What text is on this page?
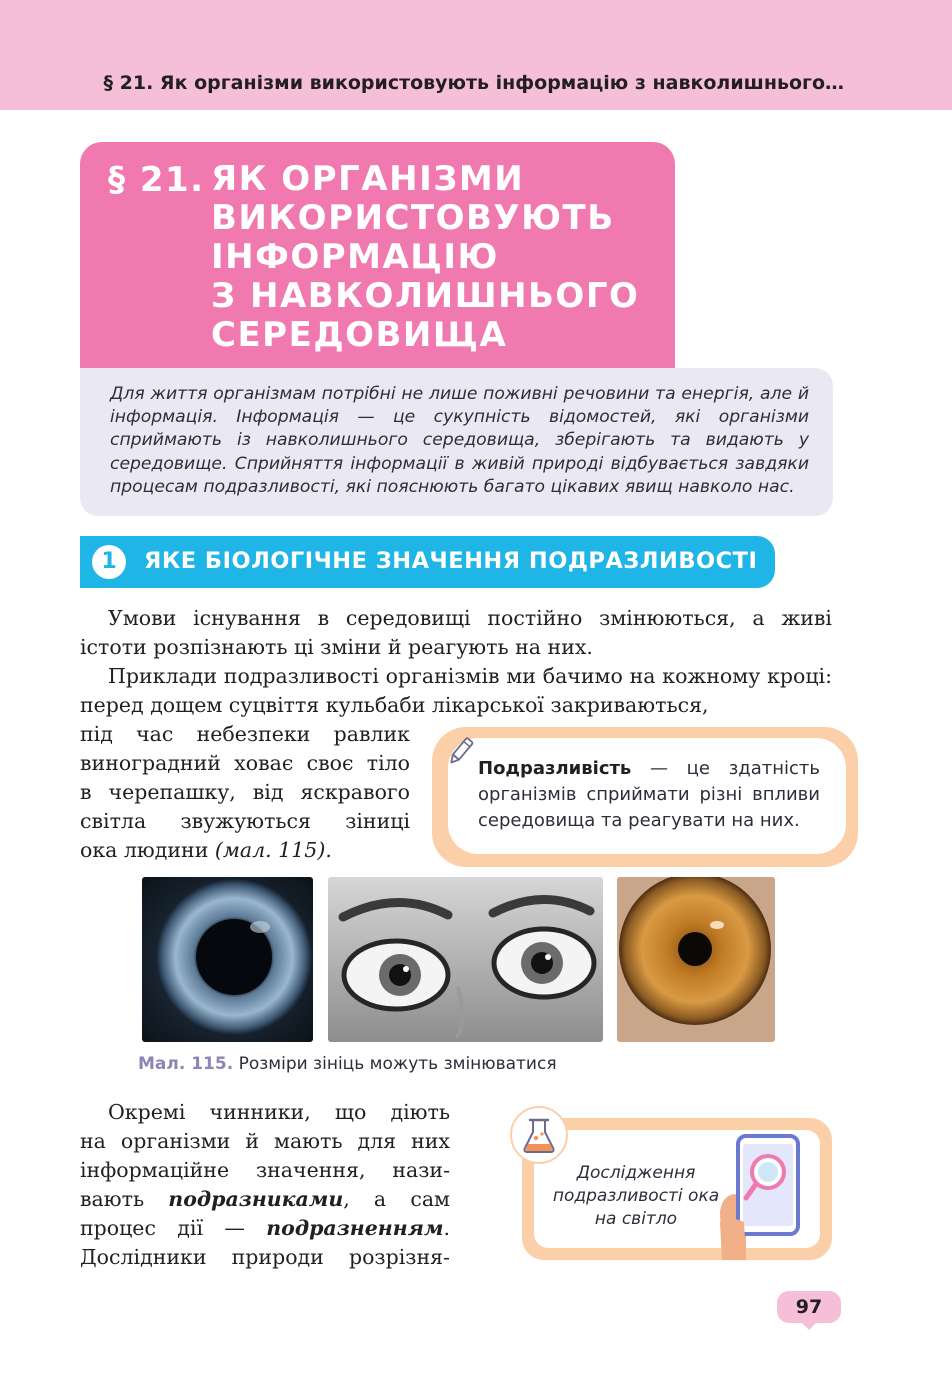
§ 21. Як організми використовують інформацію з навколишнього…
§ 21. ЯК ОРГАНІЗМИ
ВИКОРИСТОВУЮТЬ
ІНФОРМАЦІЮ
З НАВКОЛИШНЬОГО
СЕРЕДОВИЩА

Для життя організмам потрібні не лише поживні речовини та енергія, але й інформація. Інформація — це сукупність відомостей, які організми сприймають із навколишнього середовища, зберігають та видають у середовище. Сприйняття інформації в живій природі відбувається завдяки процесам подразливості, які пояснюють багато цікавих явищ навколо нас.

1	ЯКЕ БІОЛОГІЧНЕ ЗНАЧЕННЯ ПОДРАЗЛИВОСТІ

Умови існування в середовищі постійно змінюються, а живі істоти розпізнають ці зміни й реагують на них.

Приклади подразливості організмів ми бачимо на кожному кроці: перед дощем суцвіття кульбаби лікарської закриваються,

під час небезпеки равлик
виноградний ховає своє тіло
в черепашку, від яскравого
світла звужуються зіниці
ока людини (мал. 115).

Подразливість — це здатність організмів сприймати різні впливи середовища та реагувати на них.

Мал. 115. Розміри зініць можуть змінюватися
Окремі чинники, що діють
на організми й мають для них
інформаційне значення, нази-
вають подразниками, а сам
процес дії — подразненням.
Дослідники природи розрізня-
Дослідження подразливості ока на світло
97
